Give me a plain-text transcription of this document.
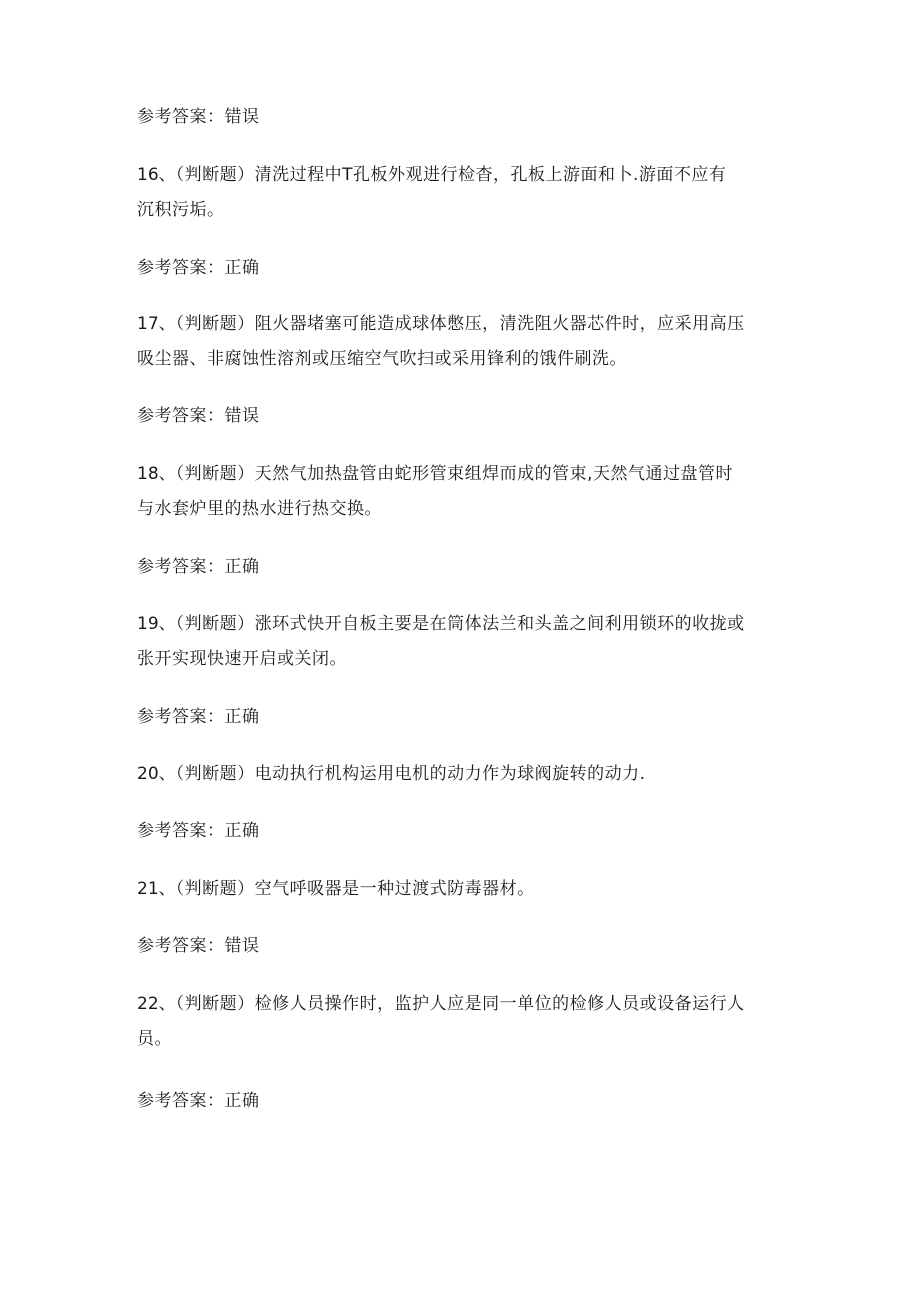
参考答案：错误
16、（判断题）清洗过程中T孔板外观进行检杳，孔板上游面和卜.游面不应有
沉积污垢。
参考答案：正确
17、（判断题）阻火器堵塞可能造成球体憋压，清洗阻火器芯件时，应采用高压
吸尘器、非腐蚀性溶剂或压缩空气吹扫或采用锋利的饿件刷洗。
参考答案：错误
18、（判断题）天然气加热盘管由蛇形管束组焊而成的管束,天然气通过盘管时
与水套炉里的热水进行热交换。
参考答案：正确
19、（判断题）涨环式快开自板主要是在筒体法兰和头盖之间利用锁环的收拢或
张开实现快速开启或关闭。
参考答案：正确
20、（判断题）电动执行机构运用电机的动力作为球阀旋转的动力.
参考答案：正确
21、（判断题）空气呼吸器是一种过渡式防毒器材。
参考答案：错误
22、（判断题）检修人员操作时，监护人应是同一单位的检修人员或设备运行人
员。
参考答案：正确
